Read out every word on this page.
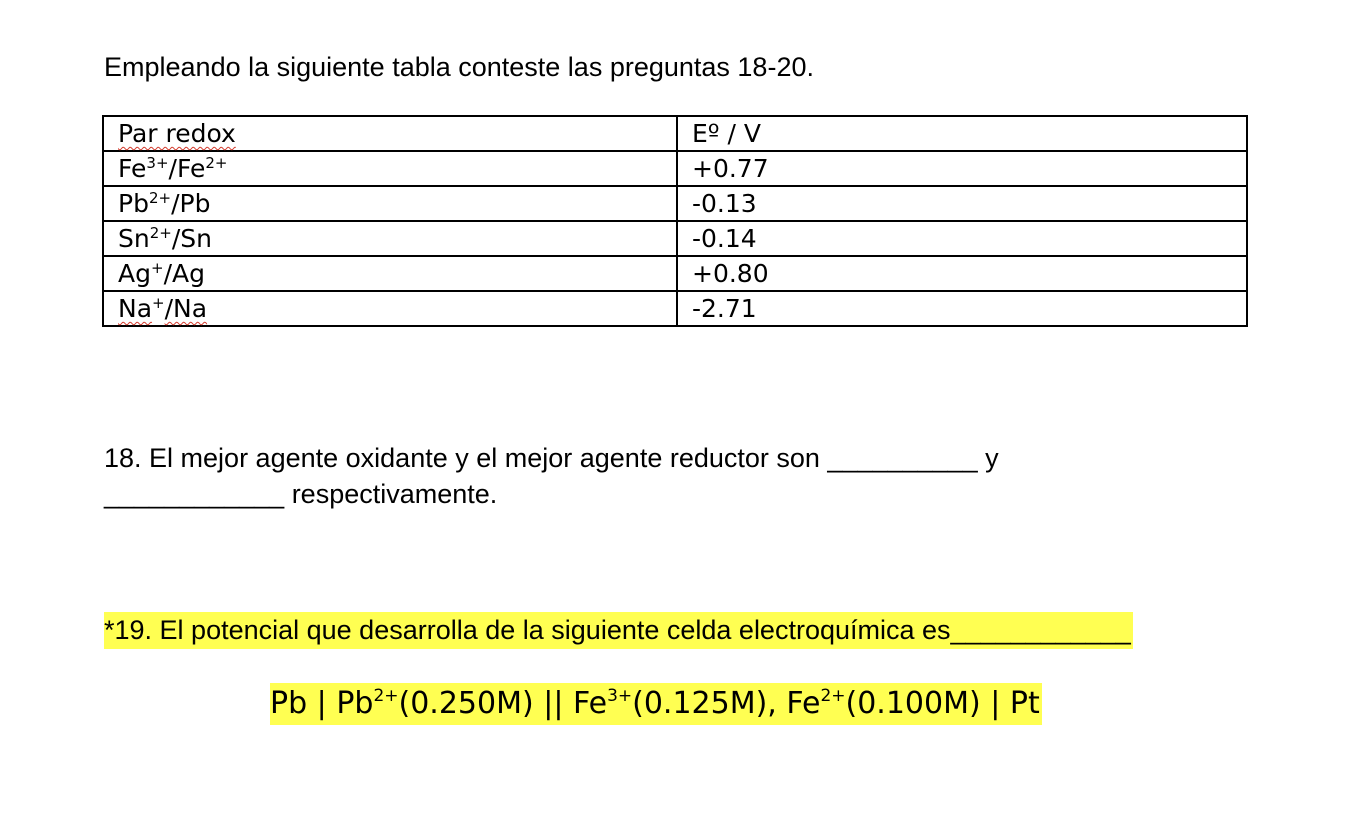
Empleando la siguiente tabla conteste las preguntas 18-20.
Par redox	Eº / V
$Fe^{3+}/Fe^{2+}$	+0.77
$Pb^{2+}/Pb$	-0.13
$Sn^{2+}/Sn$	-0.14
Ag+/Ag	+0.80
Na+/Na	-2.71
18. El mejor agente oxidante y el mejor agente reductor son __________ y
____________ respectivamente.
*19. El potencial que desarrolla de la siguiente celda electroquímica es____________
Pb | $Pb^{2+}(0.250M)$ || $Fe^{3+}(0.125M)$, $Fe^{2+}(0.100M)$ | Pt
